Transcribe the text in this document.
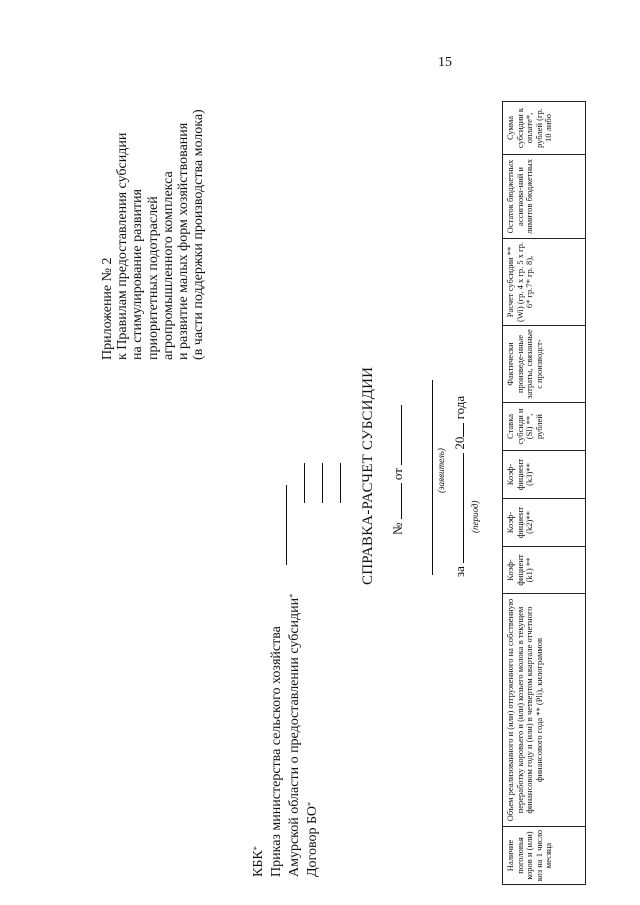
15
Приложение № 2 к Правилам предоставления субсидии на стимулирование развития приоритетных подотраслей агропромышленного комплекса и развитие малых форм хозяйствования (в части поддержки производства молока)
КБК* Приказ министерства сельского хозяйства Амурской области о предоставлении субсидии*
Договор БО*
СПРАВКА-РАСЧЕТ СУБСИДИИ №  от	(заявитель)
за  20 года
(период)
Наличие поголовья коров и (или) коз на 1 число месяца
Объем реализованного и (или) отгруженного на собственную переработку коровьего и (или) козьего молока в текущем финансовом году и (или) в четвертом квартале отчетного финансового года ** (Pli), килограммов
Коэф-фициент (k1) **
Коэф-фициент (k2)**
Коэф-фициент (k3)**
Ставка субсиди и (Sl) **, рублей
Фактически произведе-нные затраты, связанные с производст-
Расчет субсидии ** (Wi) (гр. 4 х гр. 5 х гр. 6* гр.7* гр. 8),
Остаток бюджетных ассигнова-ний и лимитов бюджетных
Сумма субсидии к оплате*, рублей (гр. 10 либо
